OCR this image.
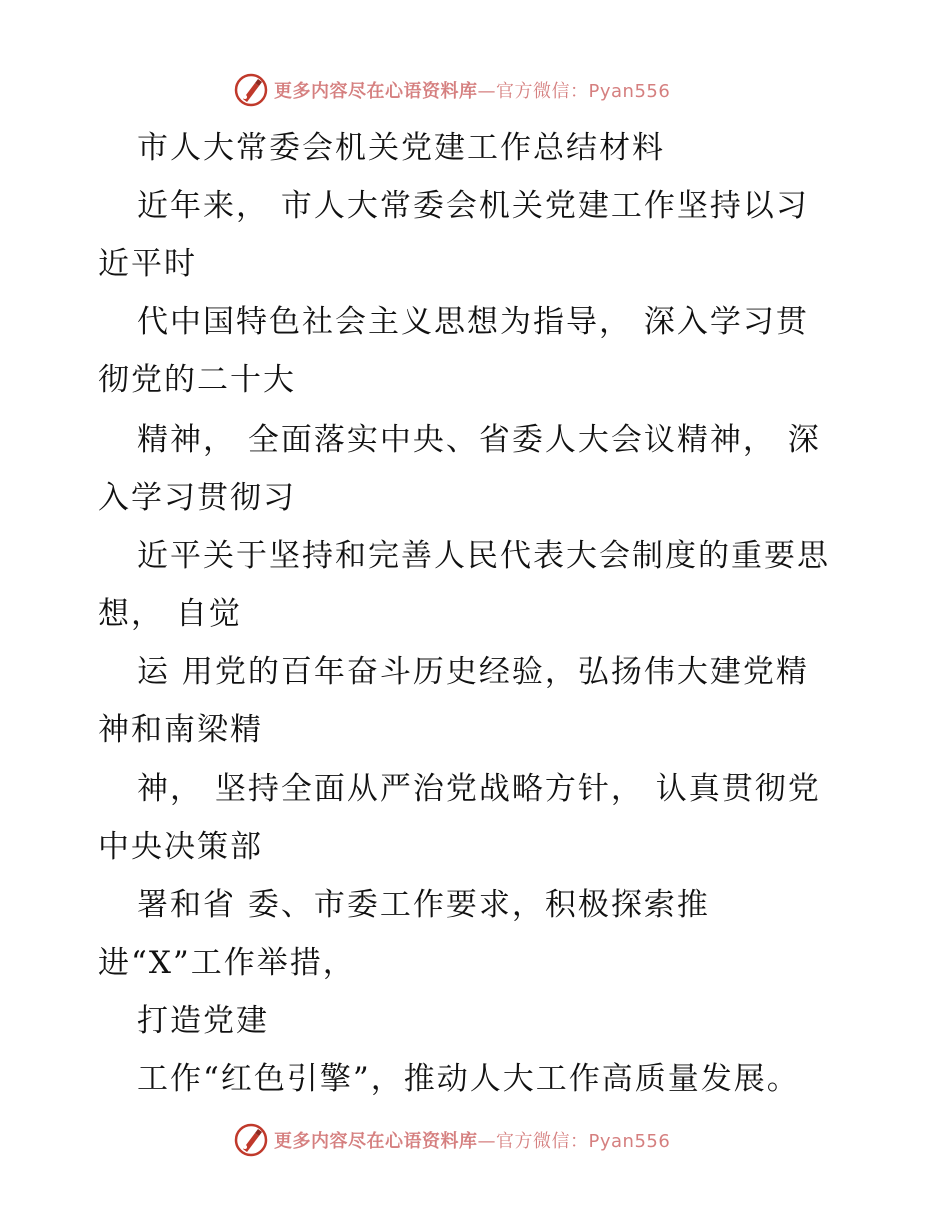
更多内容尽在心语资料库—官方微信：Pyan556
市人大常委会机关党建工作总结材料
近年来， 市人大常委会机关党建工作坚持以习
近平时
代中国特色社会主义思想为指导， 深入学习贯
彻党的二十大
精神， 全面落实中央、省委人大会议精神， 深
入学习贯彻习
近平关于坚持和完善人民代表大会制度的重要思
想， 自觉
运 用党的百年奋斗历史经验，弘扬伟大建党精
神和南梁精
神， 坚持全面从严治党战略方针， 认真贯彻党
中央决策部
署和省 委、市委工作要求，积极探索推
进“X”工作举措，
打造党建
工作“红色引擎”，推动人大工作高质量发展。
更多内容尽在心语资料库—官方微信：Pyan556
